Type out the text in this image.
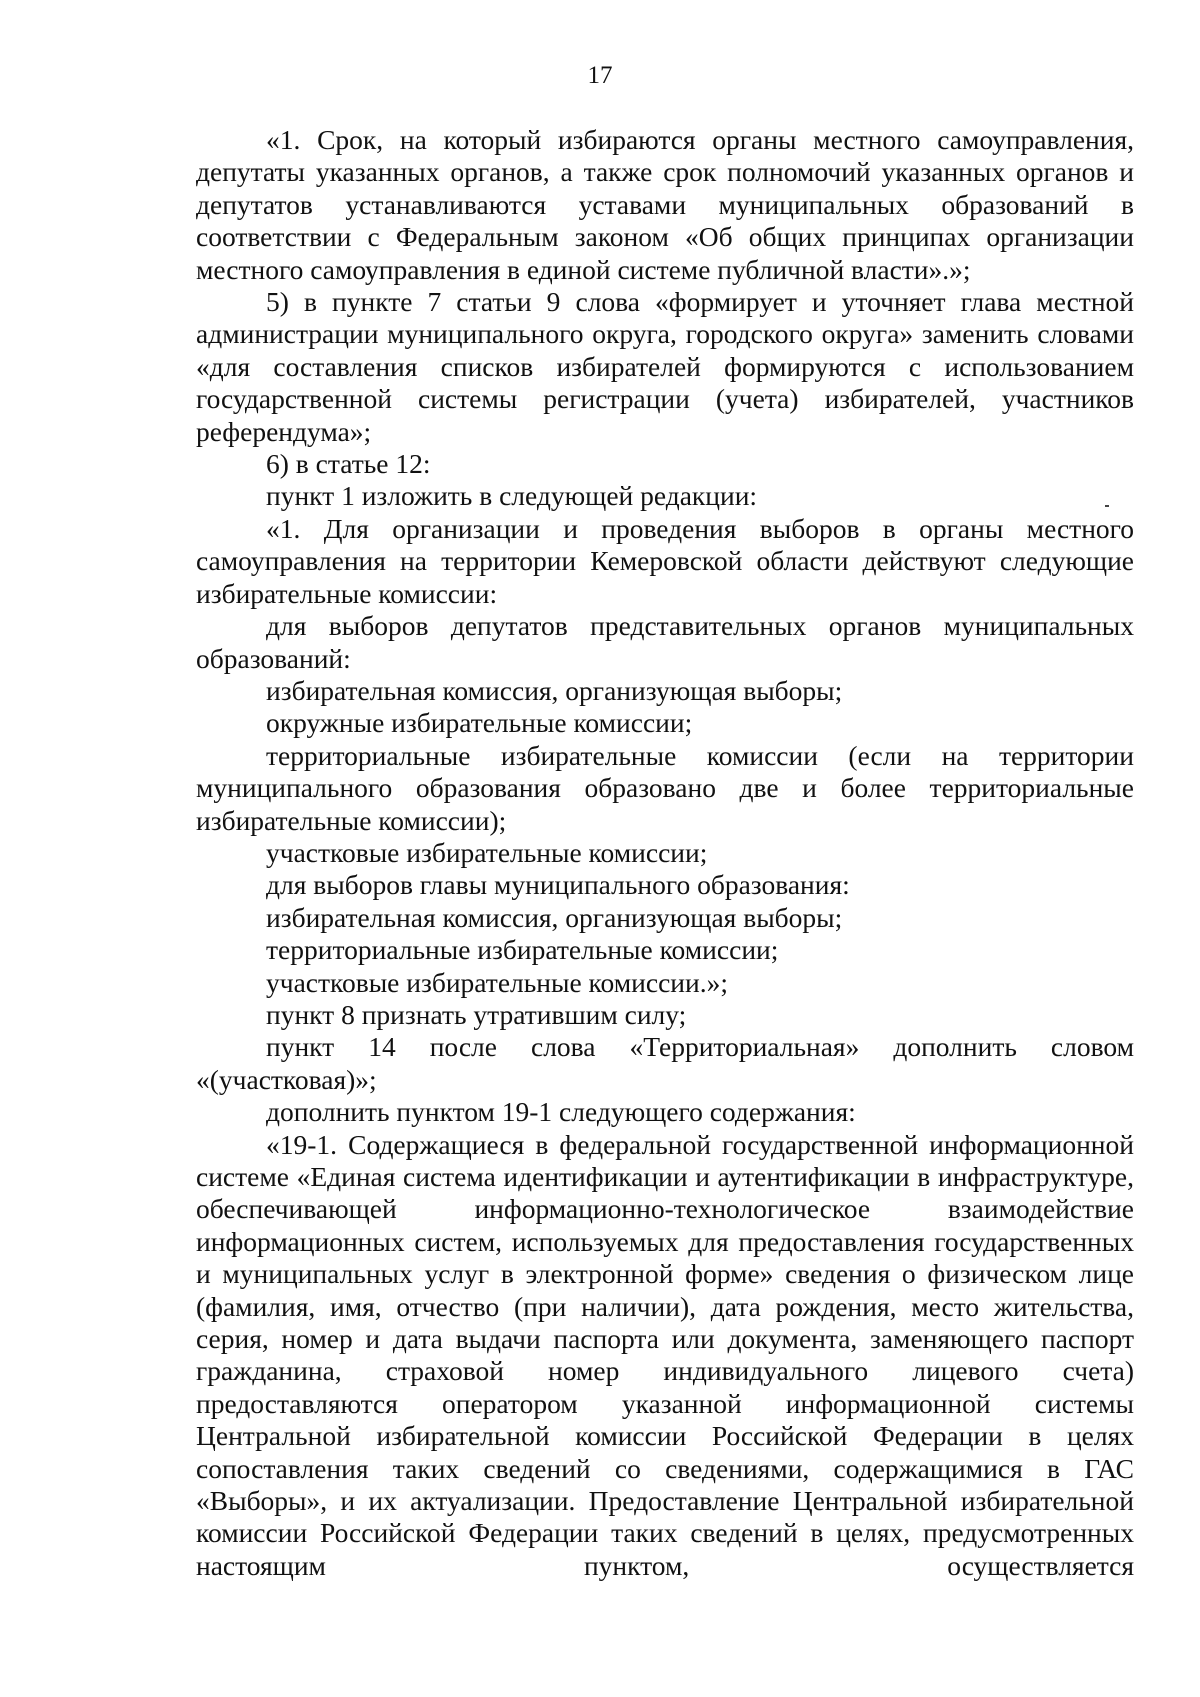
17

«1. Срок, на который избираются органы местного самоуправления, депутаты указанных органов, а также срок полномочий указанных органов и депутатов устанавливаются уставами муниципальных образований в соответствии с Федеральным законом «Об общих принципах организации местного самоуправления в единой системе публичной власти».»;

5) в пункте 7 статьи 9 слова «формирует и уточняет глава местной администрации муниципального округа, городского округа» заменить словами «для составления списков избирателей формируются с использованием государственной системы регистрации (учета) избирателей, участников референдума»;

6) в статье 12:

пункт 1 изложить в следующей редакции:

«1. Для организации и проведения выборов в органы местного самоуправления на территории Кемеровской области действуют следующие избирательные комиссии:

для выборов депутатов представительных органов муниципальных образований:

избирательная комиссия, организующая выборы;

окружные избирательные комиссии;

территориальные избирательные комиссии (если на территории муниципального образования образовано две и более территориальные избирательные комиссии);

участковые избирательные комиссии;

для выборов главы муниципального образования:

избирательная комиссия, организующая выборы;

территориальные избирательные комиссии;

участковые избирательные комиссии.»;

пункт 8 признать утратившим силу;

пункт 14 после слова «Территориальная» дополнить словом «(участковая)»;

дополнить пунктом 19-1 следующего содержания:

«19-1. Содержащиеся в федеральной государственной информационной системе «Единая система идентификации и аутентификации в инфраструктуре, обеспечивающей информационно-технологическое взаимодействие информационных систем, используемых для предоставления государственных и муниципальных услуг в электронной форме» сведения о физическом лице (фамилия, имя, отчество (при наличии), дата рождения, место жительства, серия, номер и дата выдачи паспорта или документа, заменяющего паспорт гражданина, страховой номер индивидуального лицевого счета) предоставляются оператором указанной информационной системы Центральной избирательной комиссии Российской Федерации в целях сопоставления таких сведений со сведениями, содержащимися в ГАС «Выборы», и их актуализации. Предоставление Центральной избирательной комиссии Российской Федерации таких сведений в целях, предусмотренных настоящим пунктом, осуществляется
